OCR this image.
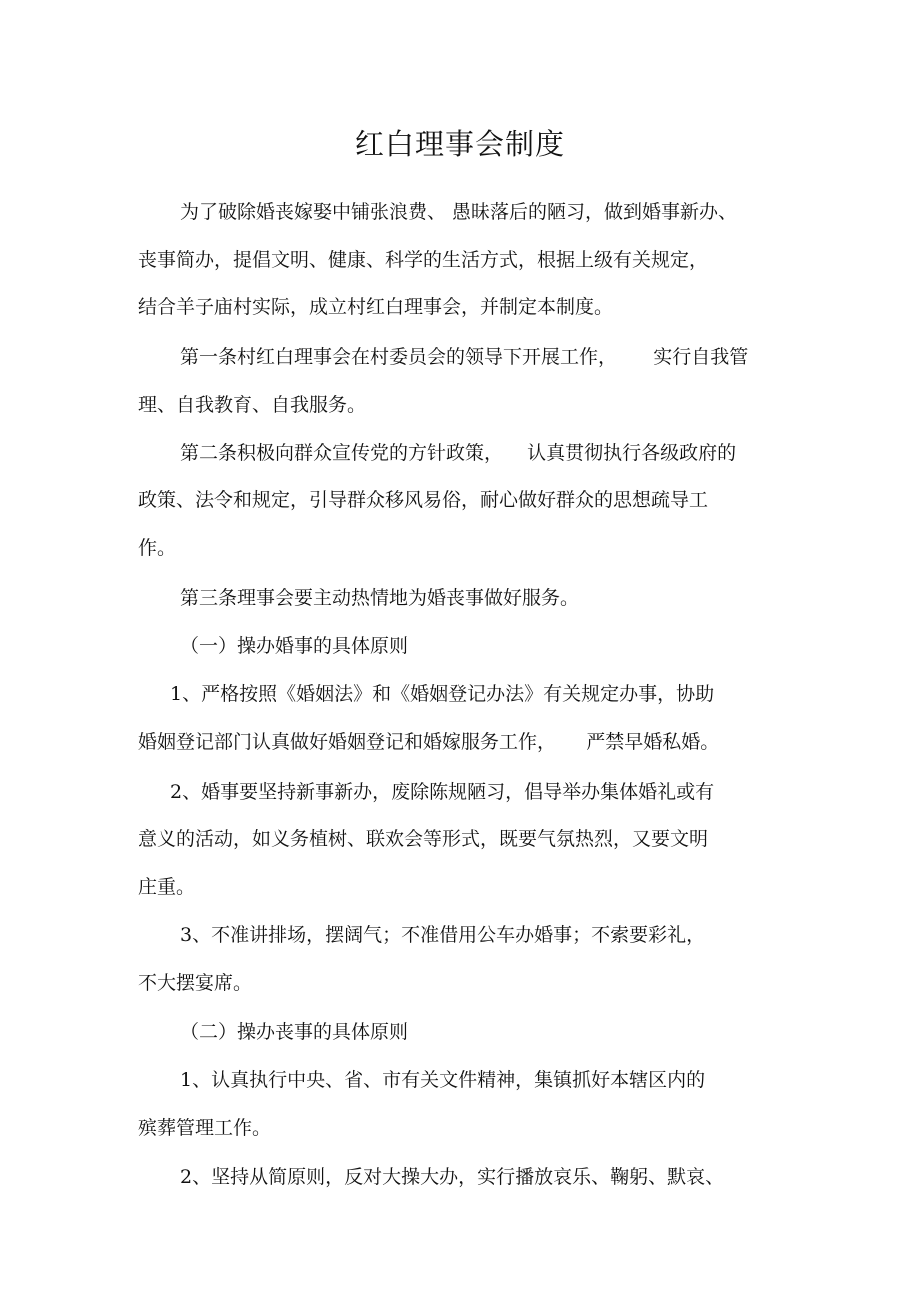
红白理事会制度
为了破除婚丧嫁娶中铺张浪费、 愚昧落后的陋习，做到婚事新办、
丧事简办，提倡文明、健康、科学的生活方式，根据上级有关规定，
结合羊子庙村实际，成立村红白理事会，并制定本制度。
第一条村红白理事会在村委员会的领导下开展工作，      实行自我管
理、自我教育、自我服务。
第二条积极向群众宣传党的方针政策，    认真贯彻执行各级政府的
政策、法令和规定，引导群众移风易俗，耐心做好群众的思想疏导工
作。
第三条理事会要主动热情地为婚丧事做好服务。
（一）操办婚事的具体原则
1、严格按照《婚姻法》和《婚姻登记办法》有关规定办事，协助
婚姻登记部门认真做好婚姻登记和婚嫁服务工作，     严禁早婚私婚。
2、婚事要坚持新事新办，废除陈规陋习，倡导举办集体婚礼或有
意义的活动，如义务植树、联欢会等形式，既要气氛热烈，又要文明
庄重。
3、不准讲排场，摆阔气；不准借用公车办婚事；不索要彩礼，
不大摆宴席。
（二）操办丧事的具体原则
1、认真执行中央、省、市有关文件精神，集镇抓好本辖区内的
殡葬管理工作。
2、坚持从简原则，反对大操大办，实行播放哀乐、鞠躬、默哀、
